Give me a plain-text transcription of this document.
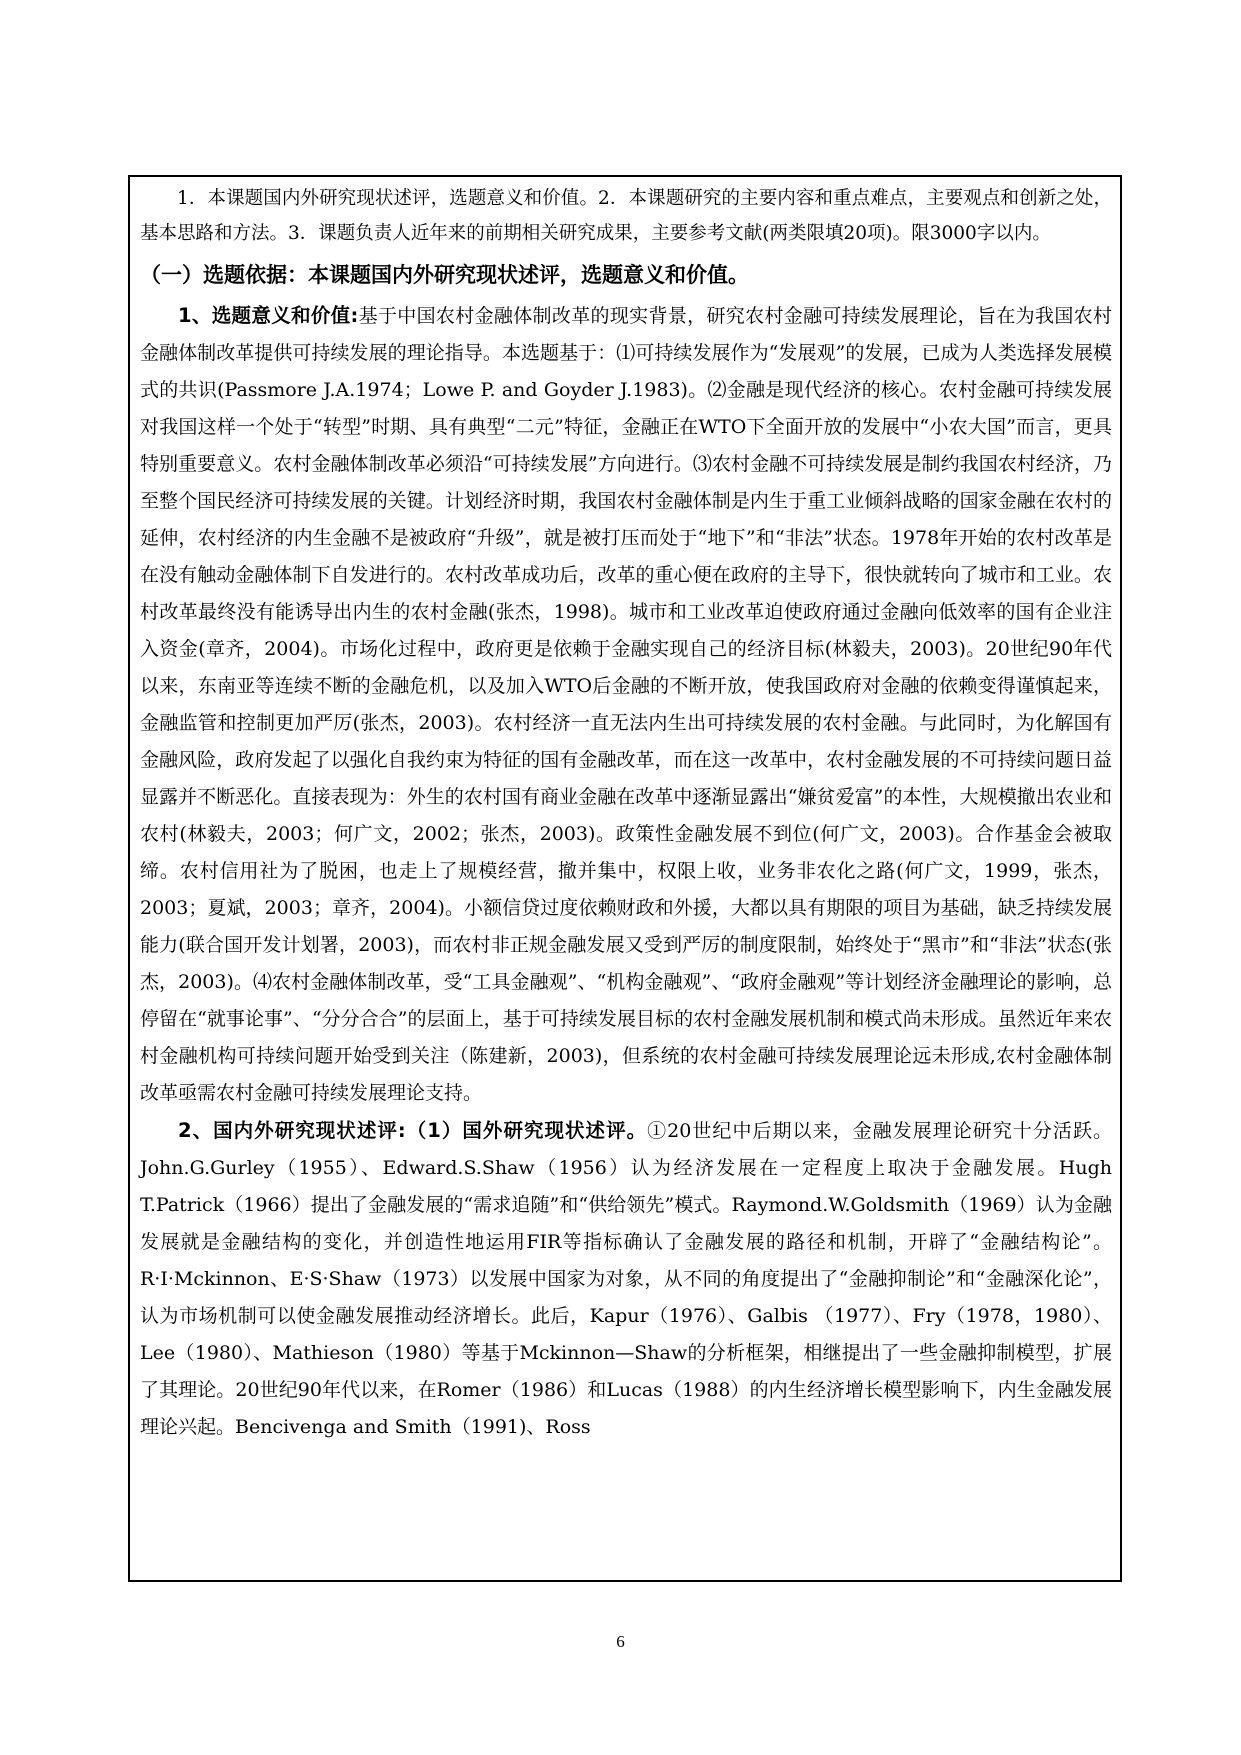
1．本课题国内外研究现状述评，选题意义和价值。2．本课题研究的主要内容和重点难点，主要观点和创新之处，基本思路和方法。3．课题负责人近年来的前期相关研究成果，主要参考文献(两类限填20项)。限3000字以内。

（一）选题依据：本课题国内外研究现状述评，选题意义和价值。

1、选题意义和价值:基于中国农村金融体制改革的现实背景，研究农村金融可持续发展理论，旨在为我国农村金融体制改革提供可持续发展的理论指导。本选题基于：⑴可持续发展作为“发展观”的发展，已成为人类选择发展模式的共识(Passmore J.A.1974；Lowe P. and Goyder J.1983)。⑵金融是现代经济的核心。农村金融可持续发展对我国这样一个处于“转型”时期、具有典型“二元”特征，金融正在WTO下全面开放的发展中“小农大国”而言，更具特别重要意义。农村金融体制改革必须沿“可持续发展”方向进行。⑶农村金融不可持续发展是制约我国农村经济，乃至整个国民经济可持续发展的关键。计划经济时期，我国农村金融体制是内生于重工业倾斜战略的国家金融在农村的延伸，农村经济的内生金融不是被政府“升级”，就是被打压而处于“地下”和“非法”状态。1978年开始的农村改革是在没有触动金融体制下自发进行的。农村改革成功后，改革的重心便在政府的主导下，很快就转向了城市和工业。农村改革最终没有能诱导出内生的农村金融(张杰，1998)。城市和工业改革迫使政府通过金融向低效率的国有企业注入资金(章齐，2004)。市场化过程中，政府更是依赖于金融实现自己的经济目标(林毅夫，2003)。20世纪90年代以来，东南亚等连续不断的金融危机，以及加入WTO后金融的不断开放，使我国政府对金融的依赖变得谨慎起来，金融监管和控制更加严厉(张杰，2003)。农村经济一直无法内生出可持续发展的农村金融。与此同时，为化解国有金融风险，政府发起了以强化自我约束为特征的国有金融改革，而在这一改革中，农村金融发展的不可持续问题日益显露并不断恶化。直接表现为：外生的农村国有商业金融在改革中逐渐显露出“嫌贫爱富”的本性，大规模撤出农业和农村(林毅夫，2003；何广文，2002；张杰，2003)。政策性金融发展不到位(何广文，2003)。合作基金会被取缔。农村信用社为了脱困，也走上了规模经营，撤并集中，权限上收，业务非农化之路(何广文，1999，张杰，2003；夏斌，2003；章齐，2004)。小额信贷过度依赖财政和外援，大都以具有期限的项目为基础，缺乏持续发展能力(联合国开发计划署，2003)，而农村非正规金融发展又受到严厉的制度限制，始终处于“黑市”和“非法”状态(张杰，2003)。⑷农村金融体制改革，受“工具金融观”、“机构金融观”、“政府金融观”等计划经济金融理论的影响，总停留在“就事论事”、“分分合合”的层面上，基于可持续发展目标的农村金融发展机制和模式尚未形成。虽然近年来农村金融机构可持续问题开始受到关注（陈建新，2003)，但系统的农村金融可持续发展理论远未形成,农村金融体制改革亟需农村金融可持续发展理论支持。

2、国内外研究现状述评:（1）国外研究现状述评。①20世纪中后期以来，金融发展理论研究十分活跃。John.G.Gurley（1955）、Edward.S.Shaw（1956）认为经济发展在一定程度上取决于金融发展。Hugh T.Patrick（1966）提出了金融发展的“需求追随”和“供给领先”模式。Raymond.W.Goldsmith（1969）认为金融发展就是金融结构的变化，并创造性地运用FIR等指标确认了金融发展的路径和机制，开辟了“金融结构论”。R·I·Mckinnon、E·S·Shaw（1973）以发展中国家为对象，从不同的角度提出了“金融抑制论”和“金融深化论”，认为市场机制可以使金融发展推动经济增长。此后，Kapur（1976）、Galbis （1977）、Fry（1978，1980）、Lee（1980）、Mathieson（1980）等基于Mckinnon—Shaw的分析框架，相继提出了一些金融抑制模型，扩展了其理论。20世纪90年代以来，在Romer（1986）和Lucas（1988）的内生经济增长模型影响下，内生金融发展理论兴起。Bencivenga and Smith（1991)、Ross

6
